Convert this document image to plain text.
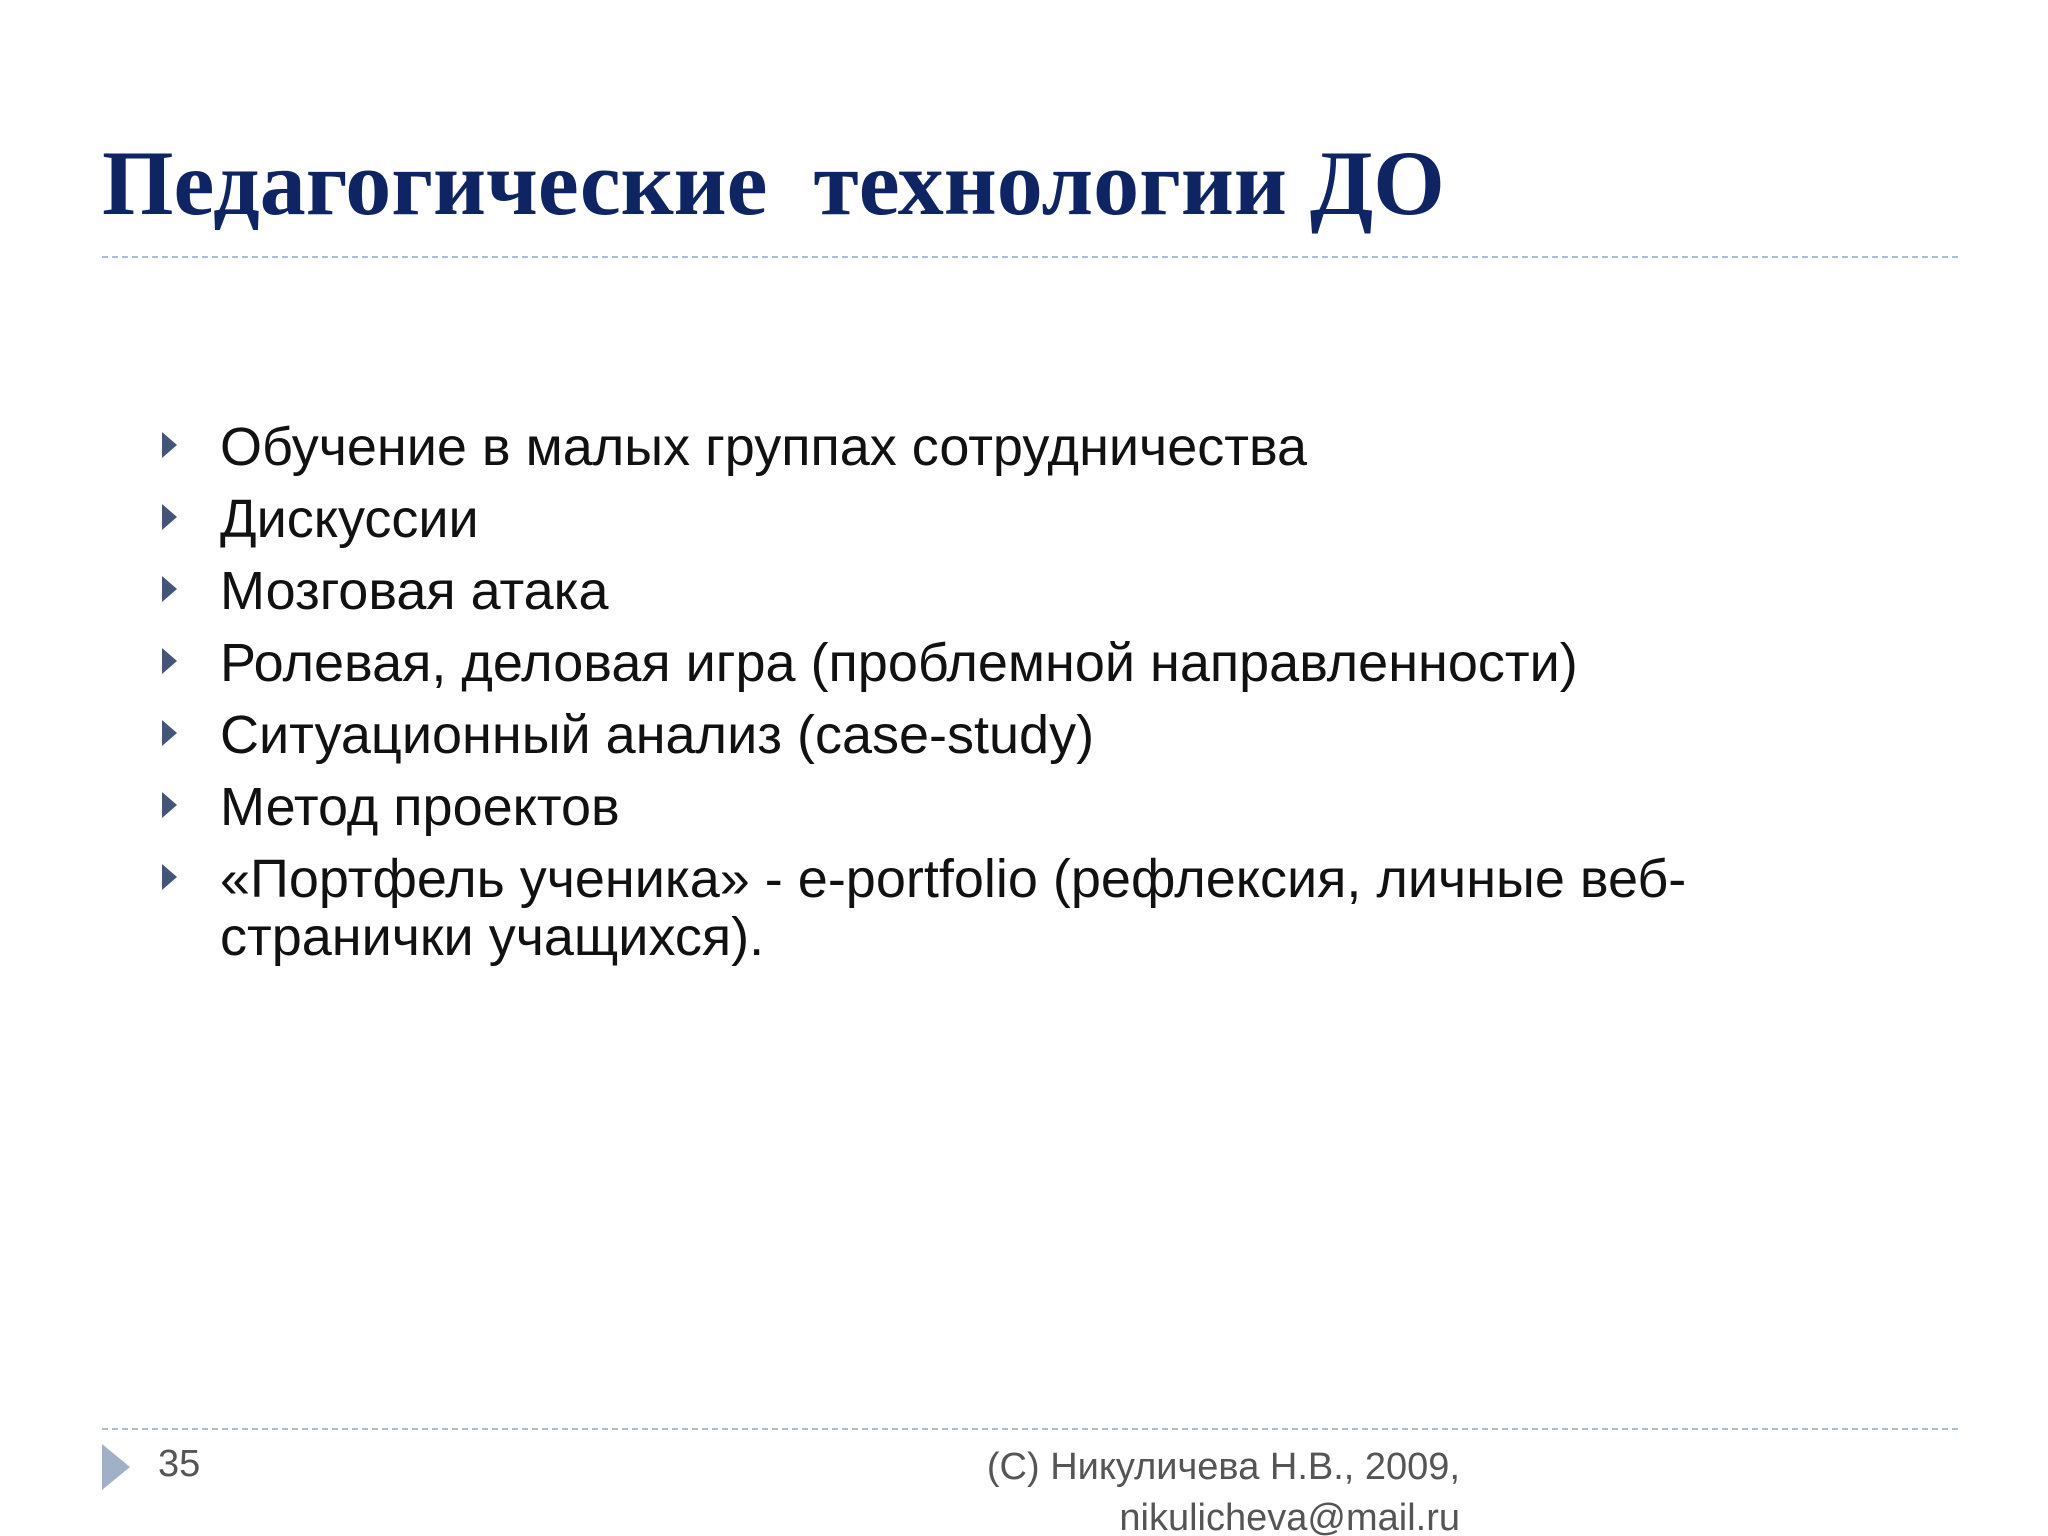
Педагогические  технологии ДО
Обучение в малых группах сотрудничества
Дискуссии
Мозговая атака
Ролевая, деловая игра (проблемной направленности)
Ситуационный анализ (case-study)
Метод проектов
«Портфель ученика» - e-portfolio (рефлексия, личные веб-странички учащихся).
35	(С) Никуличева Н.В., 2009,
nikulicheva@mail.ru
